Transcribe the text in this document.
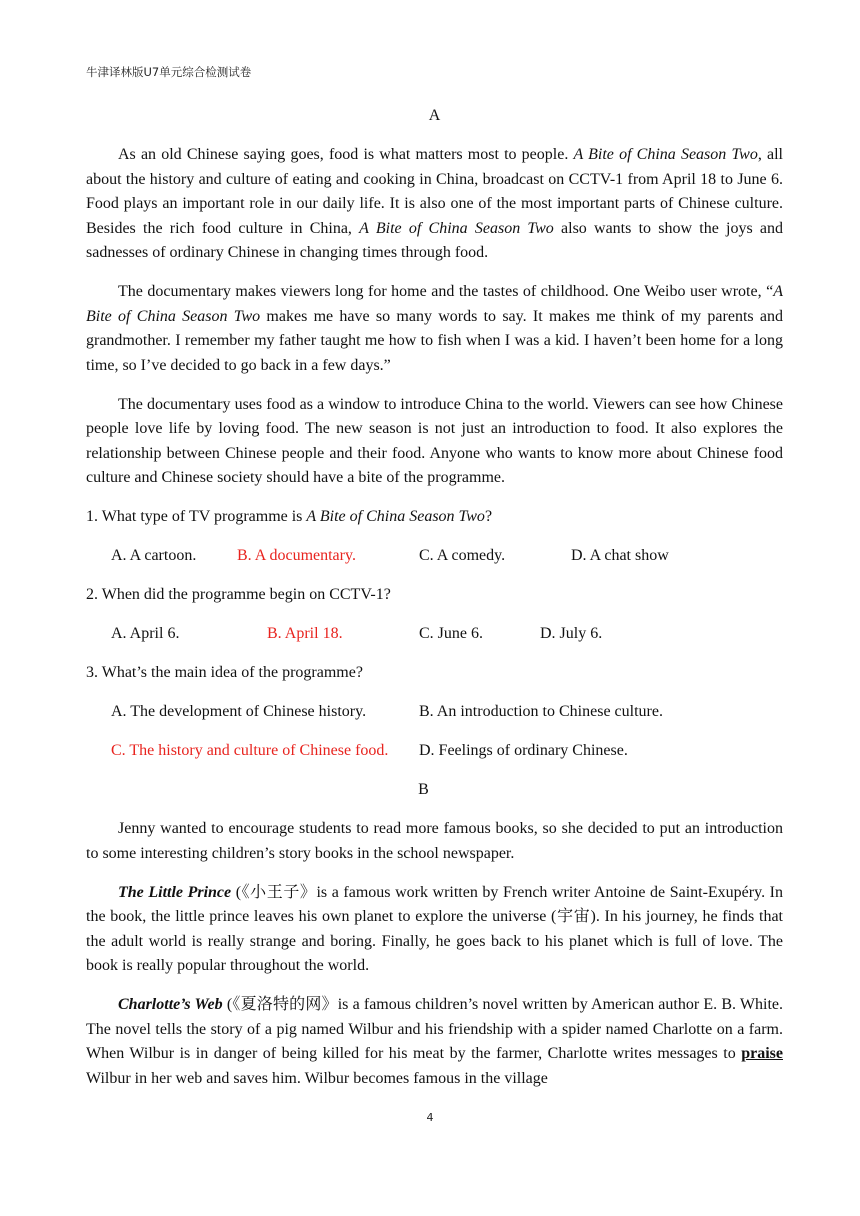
牛津译林版U7单元综合检测试卷
A

As an old Chinese saying goes, food is what matters most to people. A Bite of China Season Two, all about the history and culture of eating and cooking in China, broadcast on CCTV-1 from April 18 to June 6. Food plays an important role in our daily life. It is also one of the most important parts of Chinese culture. Besides the rich food culture in China, A Bite of China Season Two also wants to show the joys and sadnesses of ordinary Chinese in changing times through food.

The documentary makes viewers long for home and the tastes of childhood. One Weibo user wrote, “A Bite of China Season Two makes me have so many words to say. It makes me think of my parents and grandmother. I remember my father taught me how to fish when I was a kid. I haven’t been home for a long time, so I’ve decided to go back in a few days.”

The documentary uses food as a window to introduce China to the world. Viewers can see how Chinese people love life by loving food. The new season is not just an introduction to food. It also explores the relationship between Chinese people and their food. Anyone who wants to know more about Chinese food culture and Chinese society should have a bite of the programme.

1. What type of TV programme is A Bite of China Season Two?
A. A cartoon.	B. A documentary.	C. A comedy.	D. A chat show
2. When did the programme begin on CCTV-1?
A. April 6.	B. April 18.	C. June 6.	D. July 6.
3. What’s the main idea of the programme?
A. The development of Chinese history.	B. An introduction to Chinese culture.
C. The history and culture of Chinese food. D. Feelings of ordinary Chinese.
B

Jenny wanted to encourage students to read more famous books, so she decided to put an introduction to some interesting children’s story books in the school newspaper.

The Little Prince (《小王子》is a famous work written by French writer Antoine de Saint-Exupéry. In the book, the little prince leaves his own planet to explore the universe (宇宙). In his journey, he finds that the adult world is really strange and boring. Finally, he goes back to his planet which is full of love. The book is really popular throughout the world.

Charlotte’s Web (《夏洛特的网》is a famous children’s novel written by American author E. B. White. The novel tells the story of a pig named Wilbur and his friendship with a spider named Charlotte on a farm. When Wilbur is in danger of being killed for his meat by the farmer, Charlotte writes messages to praise Wilbur in her web and saves him. Wilbur becomes famous in the village

4
